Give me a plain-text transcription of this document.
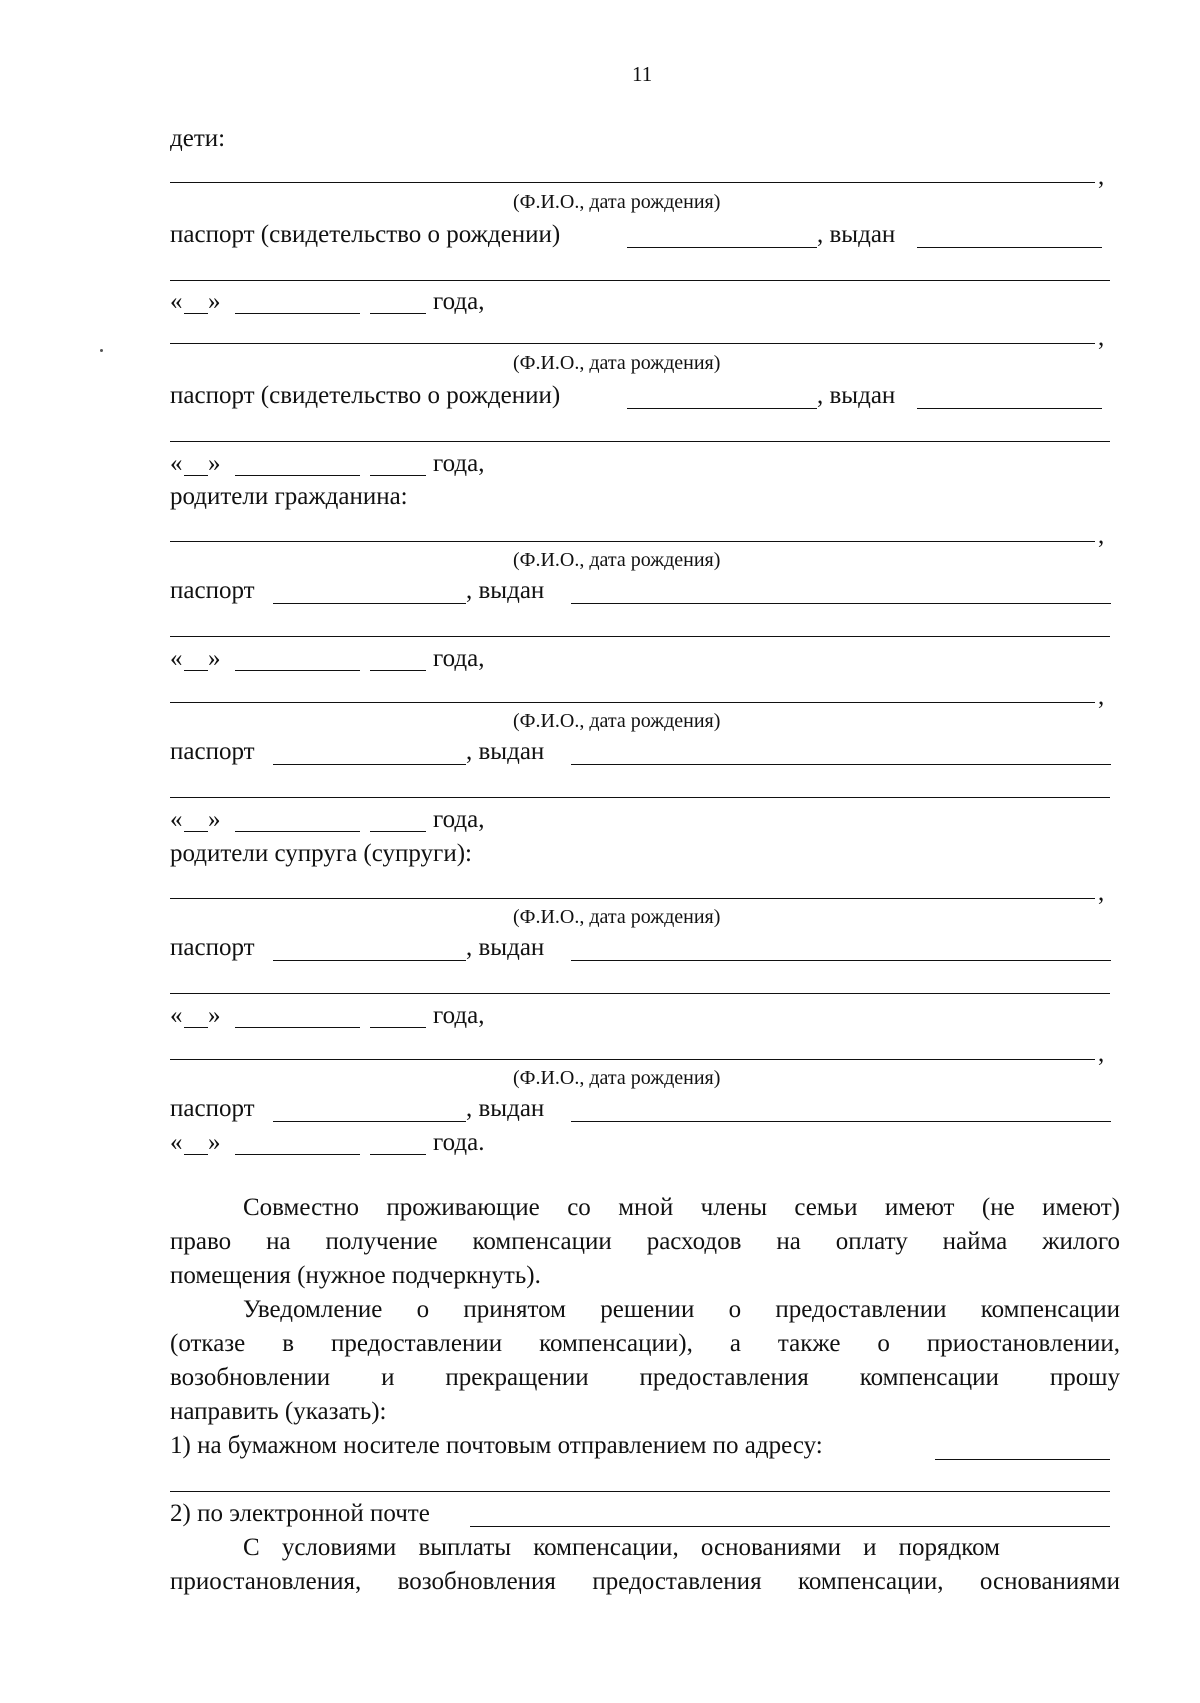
11
дети:
,
(Ф.И.О., дата рождения)
паспорт (свидетельство о рождении)	, выдан
« »	года,
,
(Ф.И.О., дата рождения)
паспорт (свидетельство о рождении)	, выдан
« »	года,
родители гражданина:
,
(Ф.И.О., дата рождения)
паспорт	, выдан
« »	года,
,
(Ф.И.О., дата рождения)
паспорт	, выдан
« »	года,
родители супруга (супруги):
,
(Ф.И.О., дата рождения)
паспорт	, выдан
« »	года,
,
(Ф.И.О., дата рождения)
паспорт	, выдан
« »	года.
Совместно проживающие со мной члены семьи имеют (не имеют)
право на получение компенсации расходов на оплату найма жилого
помещения (нужное подчеркнуть).
Уведомление о принятом решении о предоставлении компенсации
(отказе в предоставлении компенсации), а также о приостановлении,
возобновлении и прекращении предоставления компенсации прошу
направить (указать):
1) на бумажном носителе почтовым отправлением по адресу:
2) по электронной почте
С условиями выплаты компенсации, основаниями и порядком
приостановления, возобновления предоставления компенсации, основаниями
